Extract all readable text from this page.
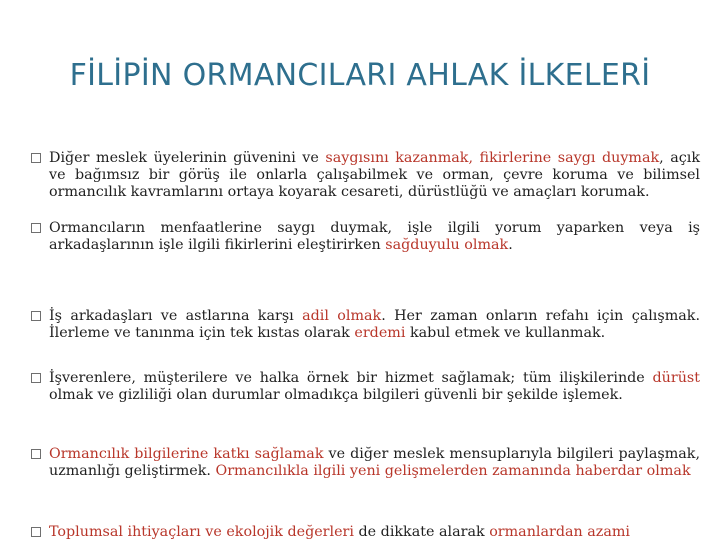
FİLİPİN ORMANCILARI AHLAK İLKELERİ
Diğer meslek üyelerinin güvenini ve saygısını kazanmak, fikirlerine saygı duymak, açık ve bağımsız bir görüş ile onlarla çalışabilmek ve orman, çevre koruma ve bilimsel ormancılık kavramlarını ortaya koyarak cesareti, dürüstlüğü ve amaçları korumak.
Ormancıların menfaatlerine saygı duymak, işle ilgili yorum yaparken veya iş arkadaşlarının işle ilgili fikirlerini eleştirirken sağduyulu olmak.
İş arkadaşları ve astlarına karşı adil olmak. Her zaman onların refahı için çalışmak. İlerleme ve tanınma için tek kıstas olarak erdemi kabul etmek ve kullanmak.
İşverenlere, müşterilere ve halka örnek bir hizmet sağlamak; tüm ilişkilerinde dürüst olmak ve gizliliği olan durumlar olmadıkça bilgileri güvenli bir şekilde işlemek.
Ormancılık bilgilerine katkı sağlamak ve diğer meslek mensuplarıyla bilgileri paylaşmak, uzmanlığı geliştirmek. Ormancılıkla ilgili yeni gelişmelerden zamanında haberdar olmak
Toplumsal ihtiyaçları ve ekolojik değerleri de dikkate alarak ormanlardan azami
